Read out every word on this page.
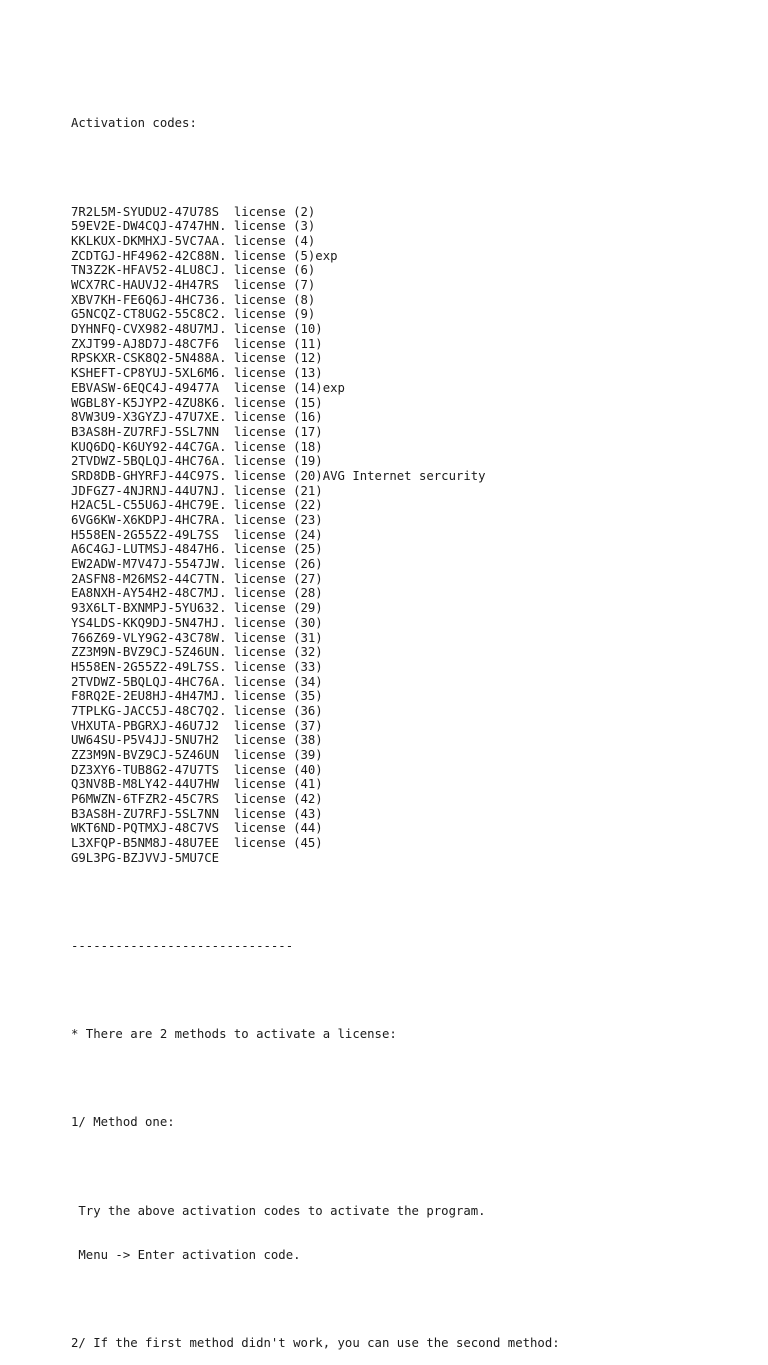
Activation codes:

7R2L5M-SYUDU2-47U78S  license (2)
59EV2E-DW4CQJ-4747HN. license (3)
KKLKUX-DKMHXJ-5VC7AA. license (4)
ZCDTGJ-HF4962-42C88N. license (5)exp
TN3Z2K-HFAV52-4LU8CJ. license (6)
WCX7RC-HAUVJ2-4H47RS  license (7)
XBV7KH-FE6Q6J-4HC736. license (8)
G5NCQZ-CT8UG2-55C8C2. license (9)
DYHNFQ-CVX982-48U7MJ. license (10)
ZXJT99-AJ8D7J-48C7F6  license (11)
RPSKXR-CSK8Q2-5N488A. license (12)
KSHEFT-CP8YUJ-5XL6M6. license (13)
EBVASW-6EQC4J-49477A  license (14)exp
WGBL8Y-K5JYP2-4ZU8K6. license (15)
8VW3U9-X3GYZJ-47U7XE. license (16)
B3AS8H-ZU7RFJ-5SL7NN  license (17)
KUQ6DQ-K6UY92-44C7GA. license (18)
2TVDWZ-5BQLQJ-4HC76A. license (19)
SRD8DB-GHYRFJ-44C97S. license (20)AVG Internet sercurity
JDFGZ7-4NJRNJ-44U7NJ. license (21)
H2AC5L-C55U6J-4HC79E. license (22)
6VG6KW-X6KDPJ-4HC7RA. license (23)
H558EN-2G55Z2-49L7SS  license (24)
A6C4GJ-LUTMSJ-4847H6. license (25)
EW2ADW-M7V47J-5547JW. license (26)
2ASFN8-M26MS2-44C7TN. license (27)
EA8NXH-AY54H2-48C7MJ. license (28)
93X6LT-BXNMPJ-5YU632. license (29)
YS4LDS-KKQ9DJ-5N47HJ. license (30)
766Z69-VLY9G2-43C78W. license (31)
ZZ3M9N-BVZ9CJ-5Z46UN. license (32)
H558EN-2G55Z2-49L7SS. license (33)
2TVDWZ-5BQLQJ-4HC76A. license (34)
F8RQ2E-2EU8HJ-4H47MJ. license (35)
7TPLKG-JACC5J-48C7Q2. license (36)
VHXUTA-PBGRXJ-46U7J2  license (37)
UW64SU-P5V4JJ-5NU7H2  license (38)
ZZ3M9N-BVZ9CJ-5Z46UN  license (39)
DZ3XY6-TUB8G2-47U7TS  license (40)
Q3NV8B-M8LY42-44U7HW  license (41)
P6MWZN-6TFZR2-45C7RS  license (42)
B3AS8H-ZU7RFJ-5SL7NN  license (43)
WKT6ND-PQTMXJ-48C7VS  license (44)
L3XFQP-B5NM8J-48U7EE  license (45)
G9L3PG-BZJVVJ-5MU7CE

------------------------------

* There are 2 methods to activate a license:

1/ Method one:

Try the above activation codes to activate the program.

Menu -> Enter activation code.

2/ If the first method didn't work, you can use the second method:
